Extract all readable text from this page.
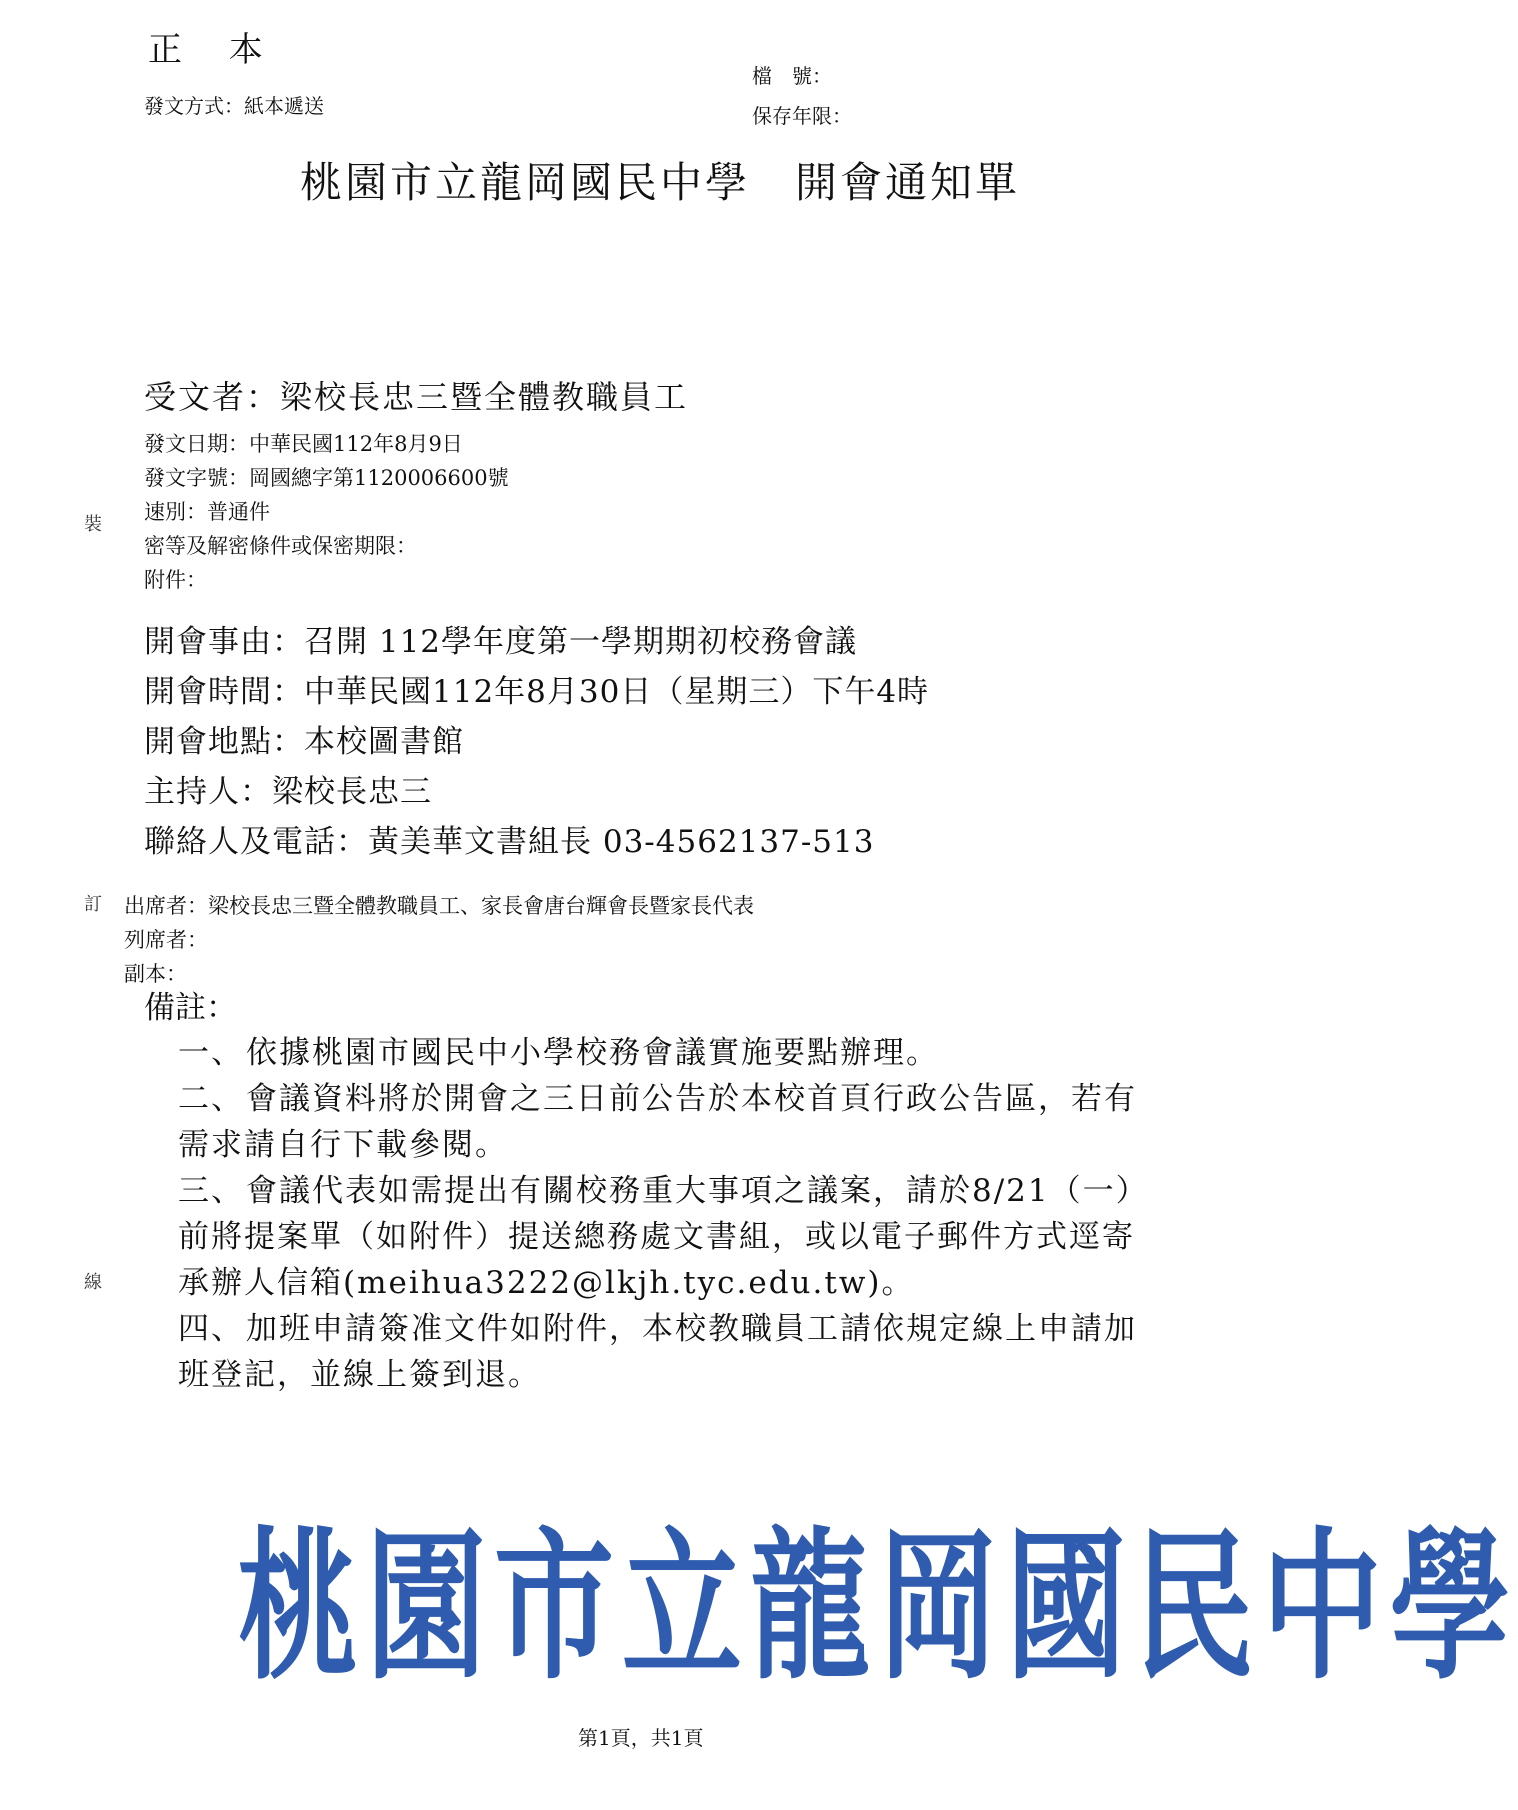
正 本
發文方式：紙本遞送
檔　號：
保存年限：
桃園市立龍岡國民中學　開會通知單
受文者：梁校長忠三暨全體教職員工
發文日期：中華民國112年8月9日
發文字號：岡國總字第1120006600號
速別：普通件
密等及解密條件或保密期限：
附件：
開會事由：召開 112學年度第一學期期初校務會議
開會時間：中華民國112年8月30日（星期三）下午4時
開會地點：本校圖書館
主持人：梁校長忠三
聯絡人及電話：黃美華文書組長 03-4562137-513
出席者：梁校長忠三暨全體教職員工、家長會唐台輝會長暨家長代表
列席者：
副本：
備註：
一、依據桃園市國民中小學校務會議實施要點辦理。
二、會議資料將於開會之三日前公告於本校首頁行政公告區，若有需求請自行下載參閱。
三、會議代表如需提出有關校務重大事項之議案，請於8/21（一）前將提案單（如附件）提送總務處文書組，或以電子郵件方式逕寄承辦人信箱(meihua3222@lkjh.tyc.edu.tw)。
四、加班申請簽准文件如附件，本校教職員工請依規定線上申請加班登記，並線上簽到退。
裝
訂
線
桃園市立龍岡國民中學
第1頁，共1頁
